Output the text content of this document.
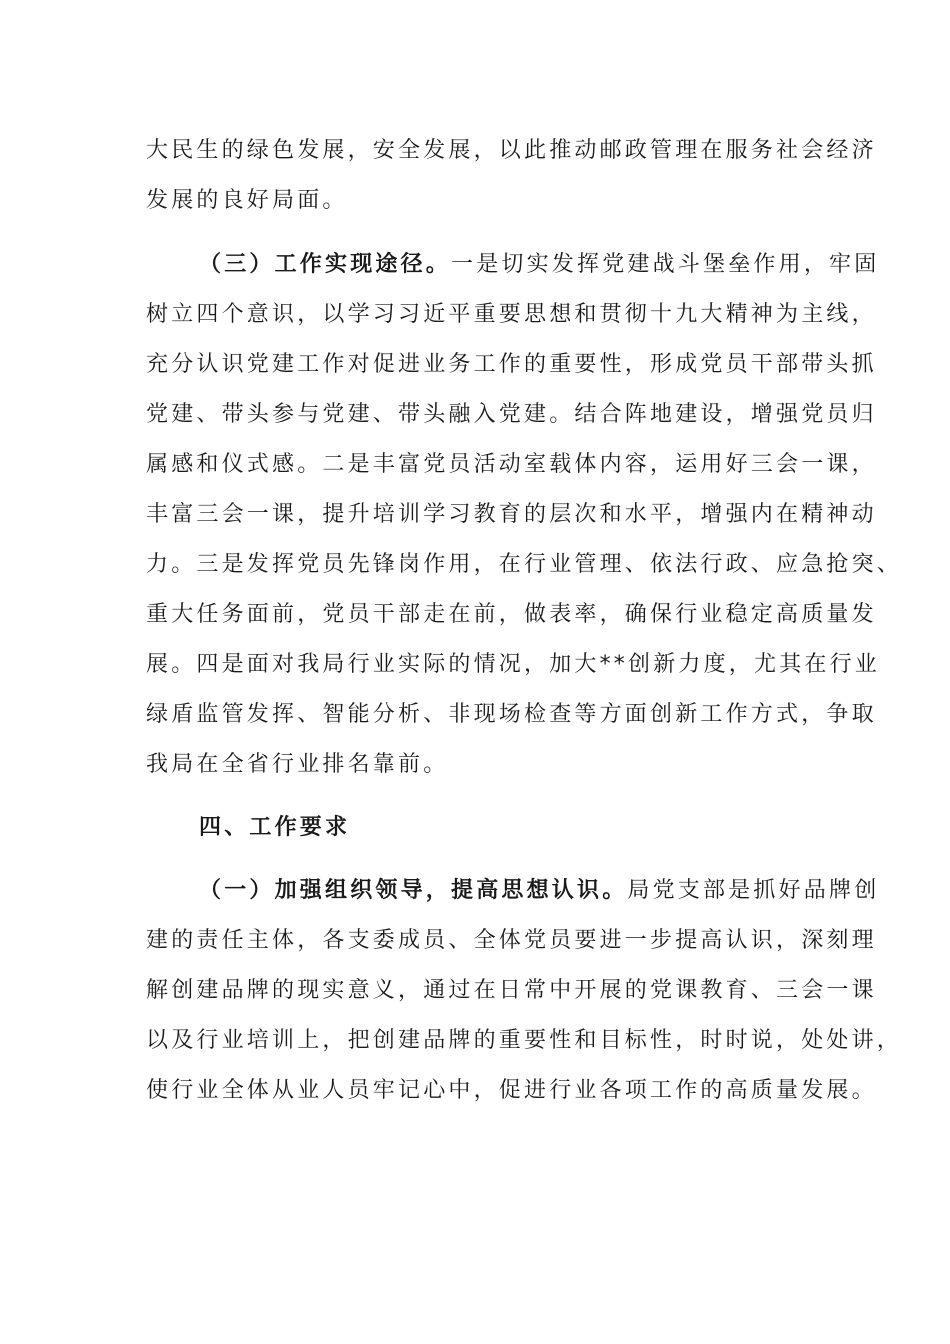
大民生的绿色发展，安全发展，以此推动邮政管理在服务社会经济
发展的良好局面。
（三）工作实现途径。一是切实发挥党建战斗堡垒作用，牢固
树立四个意识，以学习习近平重要思想和贯彻十九大精神为主线，
充分认识党建工作对促进业务工作的重要性，形成党员干部带头抓
党建、带头参与党建、带头融入党建。结合阵地建设，增强党员归
属感和仪式感。二是丰富党员活动室载体内容，运用好三会一课，
丰富三会一课，提升培训学习教育的层次和水平，增强内在精神动
力。三是发挥党员先锋岗作用，在行业管理、依法行政、应急抢突、
重大任务面前，党员干部走在前，做表率，确保行业稳定高质量发
展。四是面对我局行业实际的情况，加大**创新力度，尤其在行业
绿盾监管发挥、智能分析、非现场检查等方面创新工作方式，争取
我局在全省行业排名靠前。
四、工作要求
（一）加强组织领导，提高思想认识。局党支部是抓好品牌创
建的责任主体，各支委成员、全体党员要进一步提高认识，深刻理
解创建品牌的现实意义，通过在日常中开展的党课教育、三会一课
以及行业培训上，把创建品牌的重要性和目标性，时时说，处处讲，
使行业全体从业人员牢记心中，促进行业各项工作的高质量发展。
